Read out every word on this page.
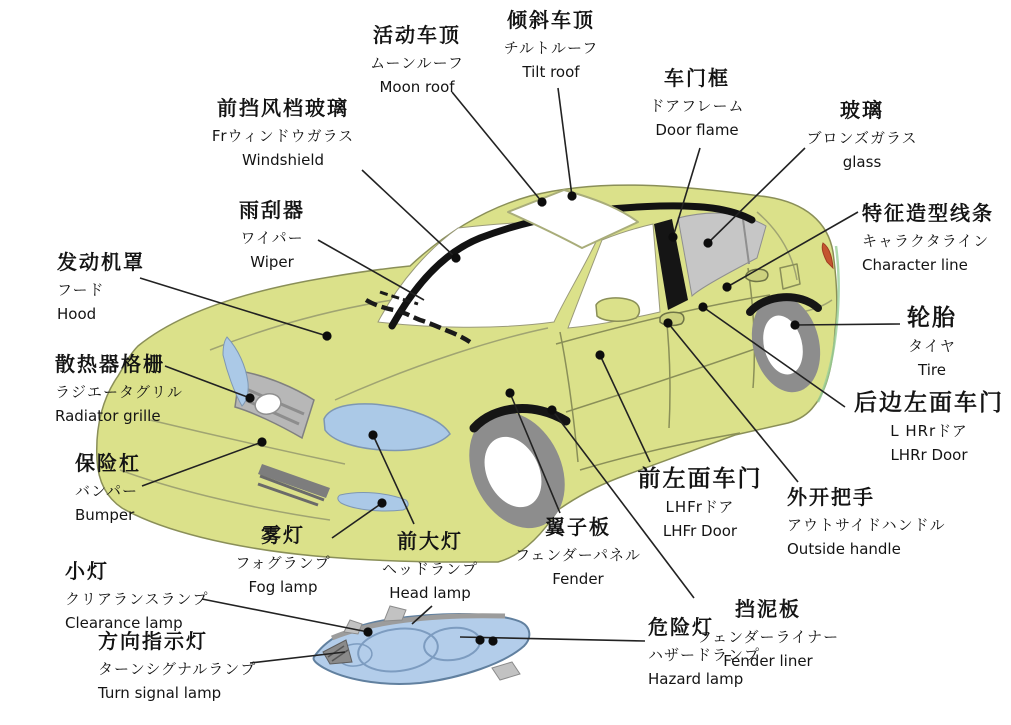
活动车顶
ムーンルーフ
Moon roof
倾斜车顶
チルトルーフ
Tilt roof	车门框
ドアフレーム
Door flame
玻璃
ブロンズガラス
glass
前挡风档玻璃
Frウィンドウガラス
Windshield
雨刮器
ワイパー
Wiper
发动机罩
フード
Hood
特征造型线条
キャラクタライン
Character line
散热器格栅
ラジエータグリル
Radiator grille
轮胎
タイヤ
Tire
后边左面车门
L HRrドア
LHRr Door
保险杠
バンパー
Bumper
雾灯
フォグランプ
Fog lamp
小灯
クリアランスランプ
Clearance lamp
方向指示灯
ターンシグナルランプ
Turn signal lamp
前大灯
ヘッドランプ
Head lamp
翼子板
フェンダーパネル
Fender
前左面车门
LHFrドア
LHFr Door
外开把手
アウトサイドハンドル
Outside handle
挡泥板
フェンダーライナー
Fender liner
危险灯
ハザードランプ
Hazard lamp
